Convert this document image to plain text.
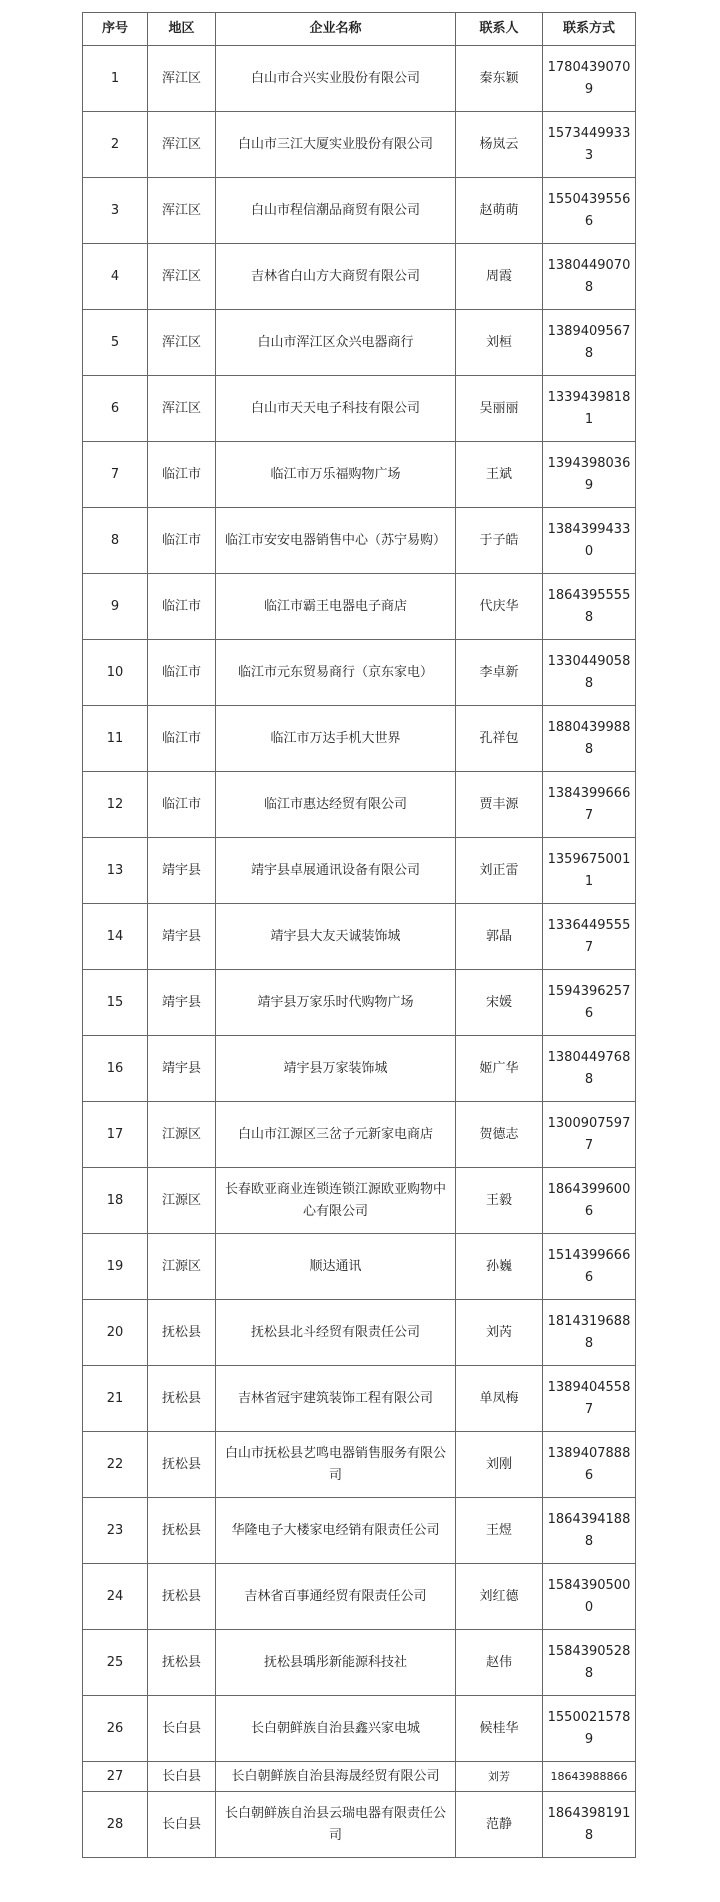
序号	地区	企业名称	联系人	联系方式
1	浑江区	白山市合兴实业股份有限公司	秦东颖	17804390709
2	浑江区	白山市三江大厦实业股份有限公司	杨岚云	15734499333
3	浑江区	白山市程信潮品商贸有限公司	赵萌萌	15504395566
4	浑江区	吉林省白山方大商贸有限公司	周霞	13804490708
5	浑江区	白山市浑江区众兴电器商行	刘桓	13894095678
6	浑江区	白山市天天电子科技有限公司	吴丽丽	13394398181
7	临江市	临江市万乐福购物广场	王斌	13943980369
8	临江市	临江市安安电器销售中心（苏宁易购）	于子皓	13843994330
9	临江市	临江市霸王电器电子商店	代庆华	18643955558
10	临江市	临江市元东贸易商行（京东家电）	李卓新	13304490588
11	临江市	临江市万达手机大世界	孔祥包	18804399888
12	临江市	临江市惠达经贸有限公司	贾丰源	13843996667
13	靖宇县	靖宇县卓展通讯设备有限公司	刘正雷	13596750011
14	靖宇县	靖宇县大友天诚装饰城	郭晶	13364495557
15	靖宇县	靖宇县万家乐时代购物广场	宋媛	15943962576
16	靖宇县	靖宇县万家装饰城	姬广华	13804497688
17	江源区	白山市江源区三岔子元新家电商店	贺德志	13009075977
18	江源区	长春欧亚商业连锁连锁江源欧亚购物中心有限公司	王毅	18643996006
19	江源区	顺达通讯	孙巍	15143996666
20	抚松县	抚松县北斗经贸有限责任公司	刘芮	18143196888
21	抚松县	吉林省冠宇建筑装饰工程有限公司	单凤梅	13894045587
22	抚松县	白山市抚松县艺鸣电器销售服务有限公司	刘刚	13894078886
23	抚松县	华隆电子大楼家电经销有限责任公司	王煜	18643941888
24	抚松县	吉林省百事通经贸有限责任公司	刘红德	15843905000
25	抚松县	抚松县瑀彤新能源科技社	赵伟	15843905288
26	长白县	长白朝鲜族自治县鑫兴家电城	候桂华	15500215789
27	长白县	长白朝鲜族自治县海晟经贸有限公司	刘芳	18643988866
28	长白县	长白朝鲜族自治县云瑞电器有限责任公司	范静	18643981918
